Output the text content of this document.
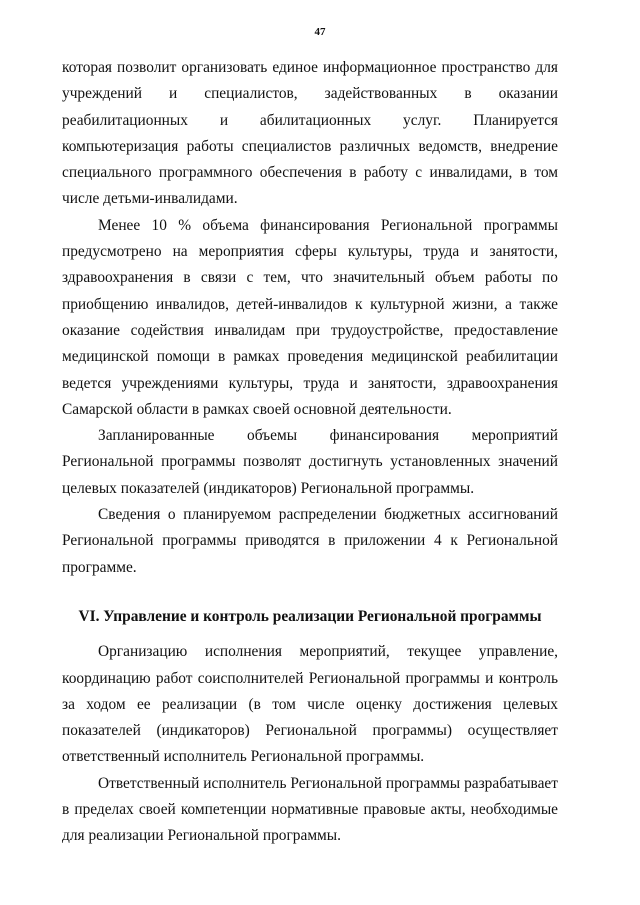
47

которая позволит организовать единое информационное пространство для учреждений и специалистов, задействованных в оказании реабилитационных и абилитационных услуг. Планируется компьютеризация работы специалистов различных ведомств, внедрение специального программного обеспечения в работу с инвалидами, в том числе детьми-инвалидами.

Менее 10 % объема финансирования Региональной программы предусмотрено на мероприятия сферы культуры, труда и занятости, здравоохранения в связи с тем, что значительный объем работы по приобщению инвалидов, детей-инвалидов к культурной жизни, а также оказание содействия инвалидам при трудоустройстве, предоставление медицинской помощи в рамках проведения медицинской реабилитации ведется учреждениями культуры, труда и занятости, здравоохранения Самарской области в рамках своей основной деятельности.

Запланированные объемы финансирования мероприятий Региональной программы позволят достигнуть установленных значений целевых показателей (индикаторов) Региональной программы.

Сведения о планируемом распределении бюджетных ассигнований Региональной программы приводятся в приложении 4 к Региональной программе.

VI. Управление и контроль реализации Региональной программы

Организацию исполнения мероприятий, текущее управление, координацию работ соисполнителей Региональной программы и контроль за ходом ее реализации (в том числе оценку достижения целевых показателей (индикаторов) Региональной программы) осуществляет ответственный исполнитель Региональной программы.

Ответственный исполнитель Региональной программы разрабатывает в пределах своей компетенции нормативные правовые акты, необходимые для реализации Региональной программы.
